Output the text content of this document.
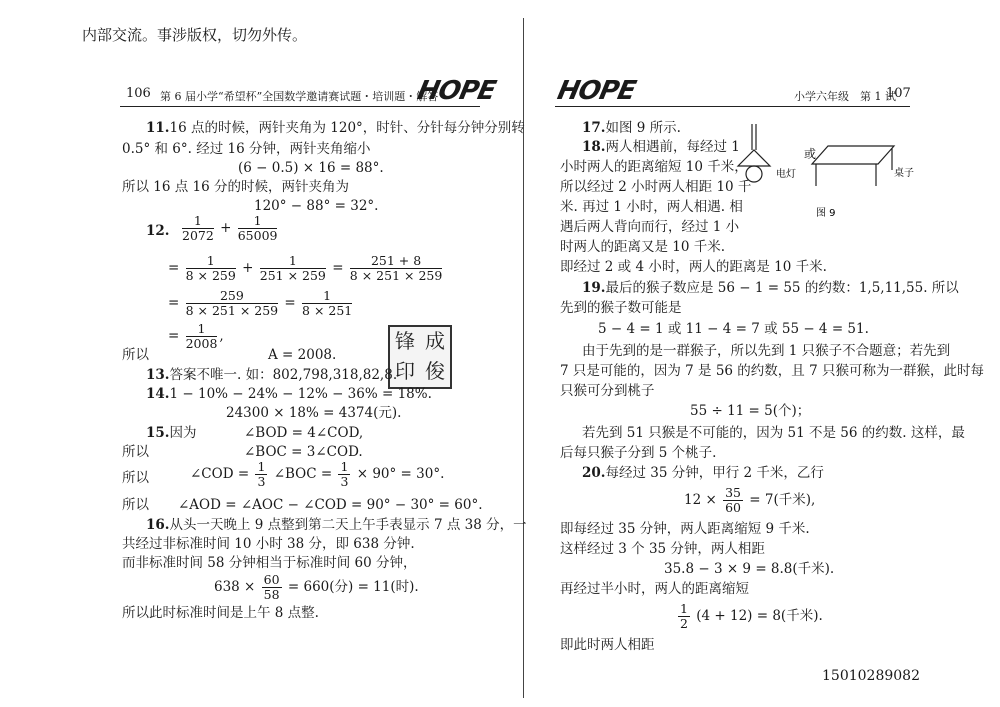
内部交流。事涉版权，切勿外传。
106 第 6 届小学“希望杯”全国数学邀请赛试题・培训题・解答
HOPE HOPE	小学六年级　第 1 试
107
11.16 点的时候，两针夹角为 120°，时针、分针每分钟分别转
0.5° 和 6°. 经过 16 分钟，两针夹角缩小
(6 − 0.5) × 16 = 88°.
所以 16 点 16 分的时候，两针夹角为
120° − 88° = 32°.
12. $\frac{1}{2072} + \frac{1}{65009}$
= $\frac{1}{8 \times 259} + \frac{1}{251 \times 259} = \frac{251 + 8}{8 \times 251 \times 259}$
= $\frac{259}{8 \times 251 \times 259} = \frac{1}{8 \times 251}$
= $\frac{1}{2008}$ ,
所以	A = 2008.
锋 成
印 俊
13.答案不唯一. 如：802,798,318,82,8.
14.1 − 10% − 24% − 12% − 36% = 18%.
24300 × 18% = 4374(元).
15.因为	∠BOD = 4∠COD,
所以	∠BOC = 3∠COD.
所以	∠COD = $\frac{1}{3}$ ∠BOC = $\frac{1}{3} \times 90^\circ = 30^\circ$.
所以 ∠AOD = ∠AOC − ∠COD = 90° − 30° = 60°.
16.从头一天晚上 9 点整到第二天上午手表显示 7 点 38 分，一
共经过非标准时间 10 小时 38 分，即 638 分钟.
而非标准时间 58 分钟相当于标准时间 60 分钟，
$638 \times \frac{60}{58} = 660$(分) = 11(时).
所以此时标准时间是上午 8 点整.
17.如图 9 所示.
18.两人相遇前，每经过 1
小时两人的距离缩短 10 千米，
所以经过 2 小时两人相距 10 千
米. 再过 1 小时，两人相遇. 相
遇后两人背向而行，经过 1 小
时两人的距离又是 10 千米.
即经过 2 或 4 小时，两人的距离是 10 千米.
或
电灯	桌子
图 9
19.最后的猴子数应是 56 − 1 = 55 的约数：1,5,11,55. 所以
先到的猴子数可能是
5 − 4 = 1 或 11 − 4 = 7 或 55 − 4 = 51.
由于先到的是一群猴子，所以先到 1 只猴子不合题意；若先到
7 只是可能的，因为 7 是 56 的约数，且 7 只猴可称为一群猴，此时每
只猴可分到桃子
55 ÷ 11 = 5(个)；
若先到 51 只猴是不可能的，因为 51 不是 56 的约数. 这样，最
后每只猴子分到 5 个桃子.
20.每经过 35 分钟，甲行 2 千米，乙行
$12 \times \frac{35}{60} = 7$(千米),
即每经过 35 分钟，两人距离缩短 9 千米.
这样经过 3 个 35 分钟，两人相距
35.8 − 3 × 9 = 8.8(千米).
再经过半小时，两人的距离缩短
$\frac{1}{2} (4 + 12) = 8$(千米).
即此时两人相距
15010289082
